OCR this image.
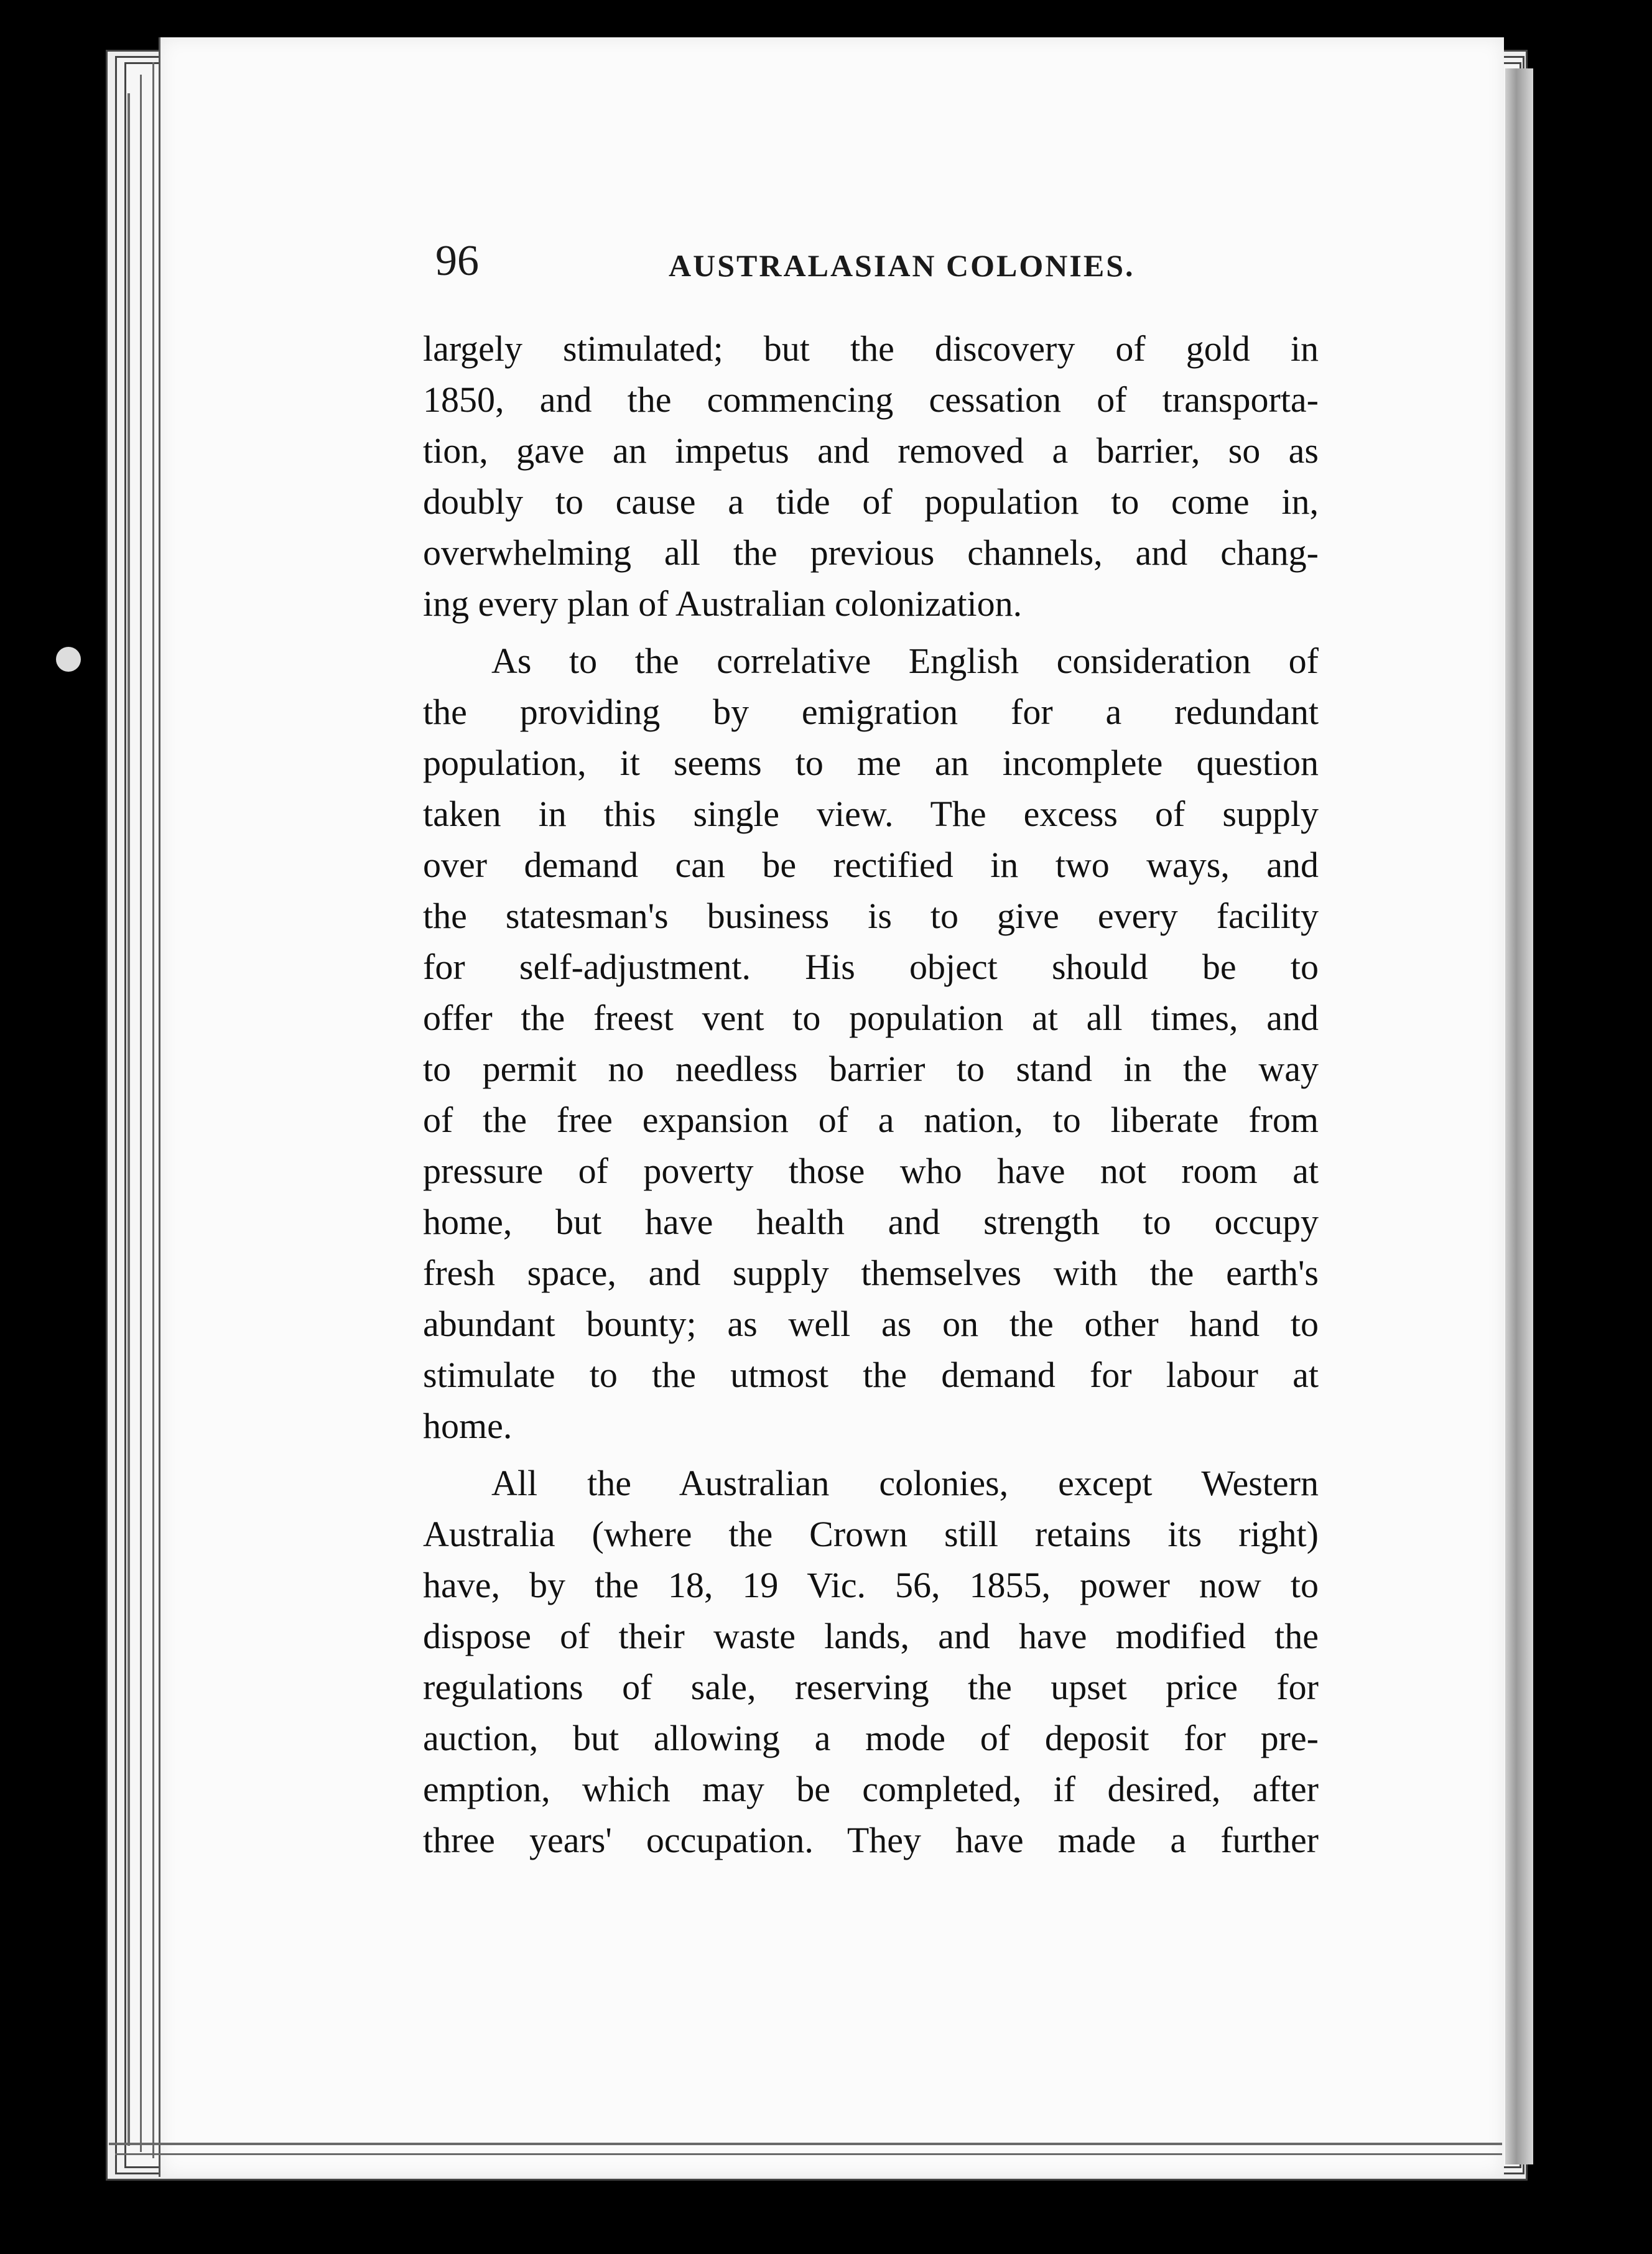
96	AUSTRALASIAN COLONIES.
largely stimulated; but the discovery of gold in
1850, and the commencing cessation of transporta-
tion, gave an impetus and removed a barrier, so as
doubly to cause a tide of population to come in,
overwhelming all the previous channels, and chang-
ing every plan of Australian colonization.
As to the correlative English consideration of
the providing by emigration for a redundant
population, it seems to me an incomplete question
taken in this single view. The excess of supply
over demand can be rectified in two ways, and
the statesman's business is to give every facility
for self-adjustment. His object should be to
offer the freest vent to population at all times, and
to permit no needless barrier to stand in the way
of the free expansion of a nation, to liberate from
pressure of poverty those who have not room at
home, but have health and strength to occupy
fresh space, and supply themselves with the earth's
abundant bounty; as well as on the other hand to
stimulate to the utmost the demand for labour at
home.
All the Australian colonies, except Western
Australia (where the Crown still retains its right)
have, by the 18, 19 Vic. 56, 1855, power now to
dispose of their waste lands, and have modified the
regulations of sale, reserving the upset price for
auction, but allowing a mode of deposit for pre-
emption, which may be completed, if desired, after
three years' occupation. They have made a further
